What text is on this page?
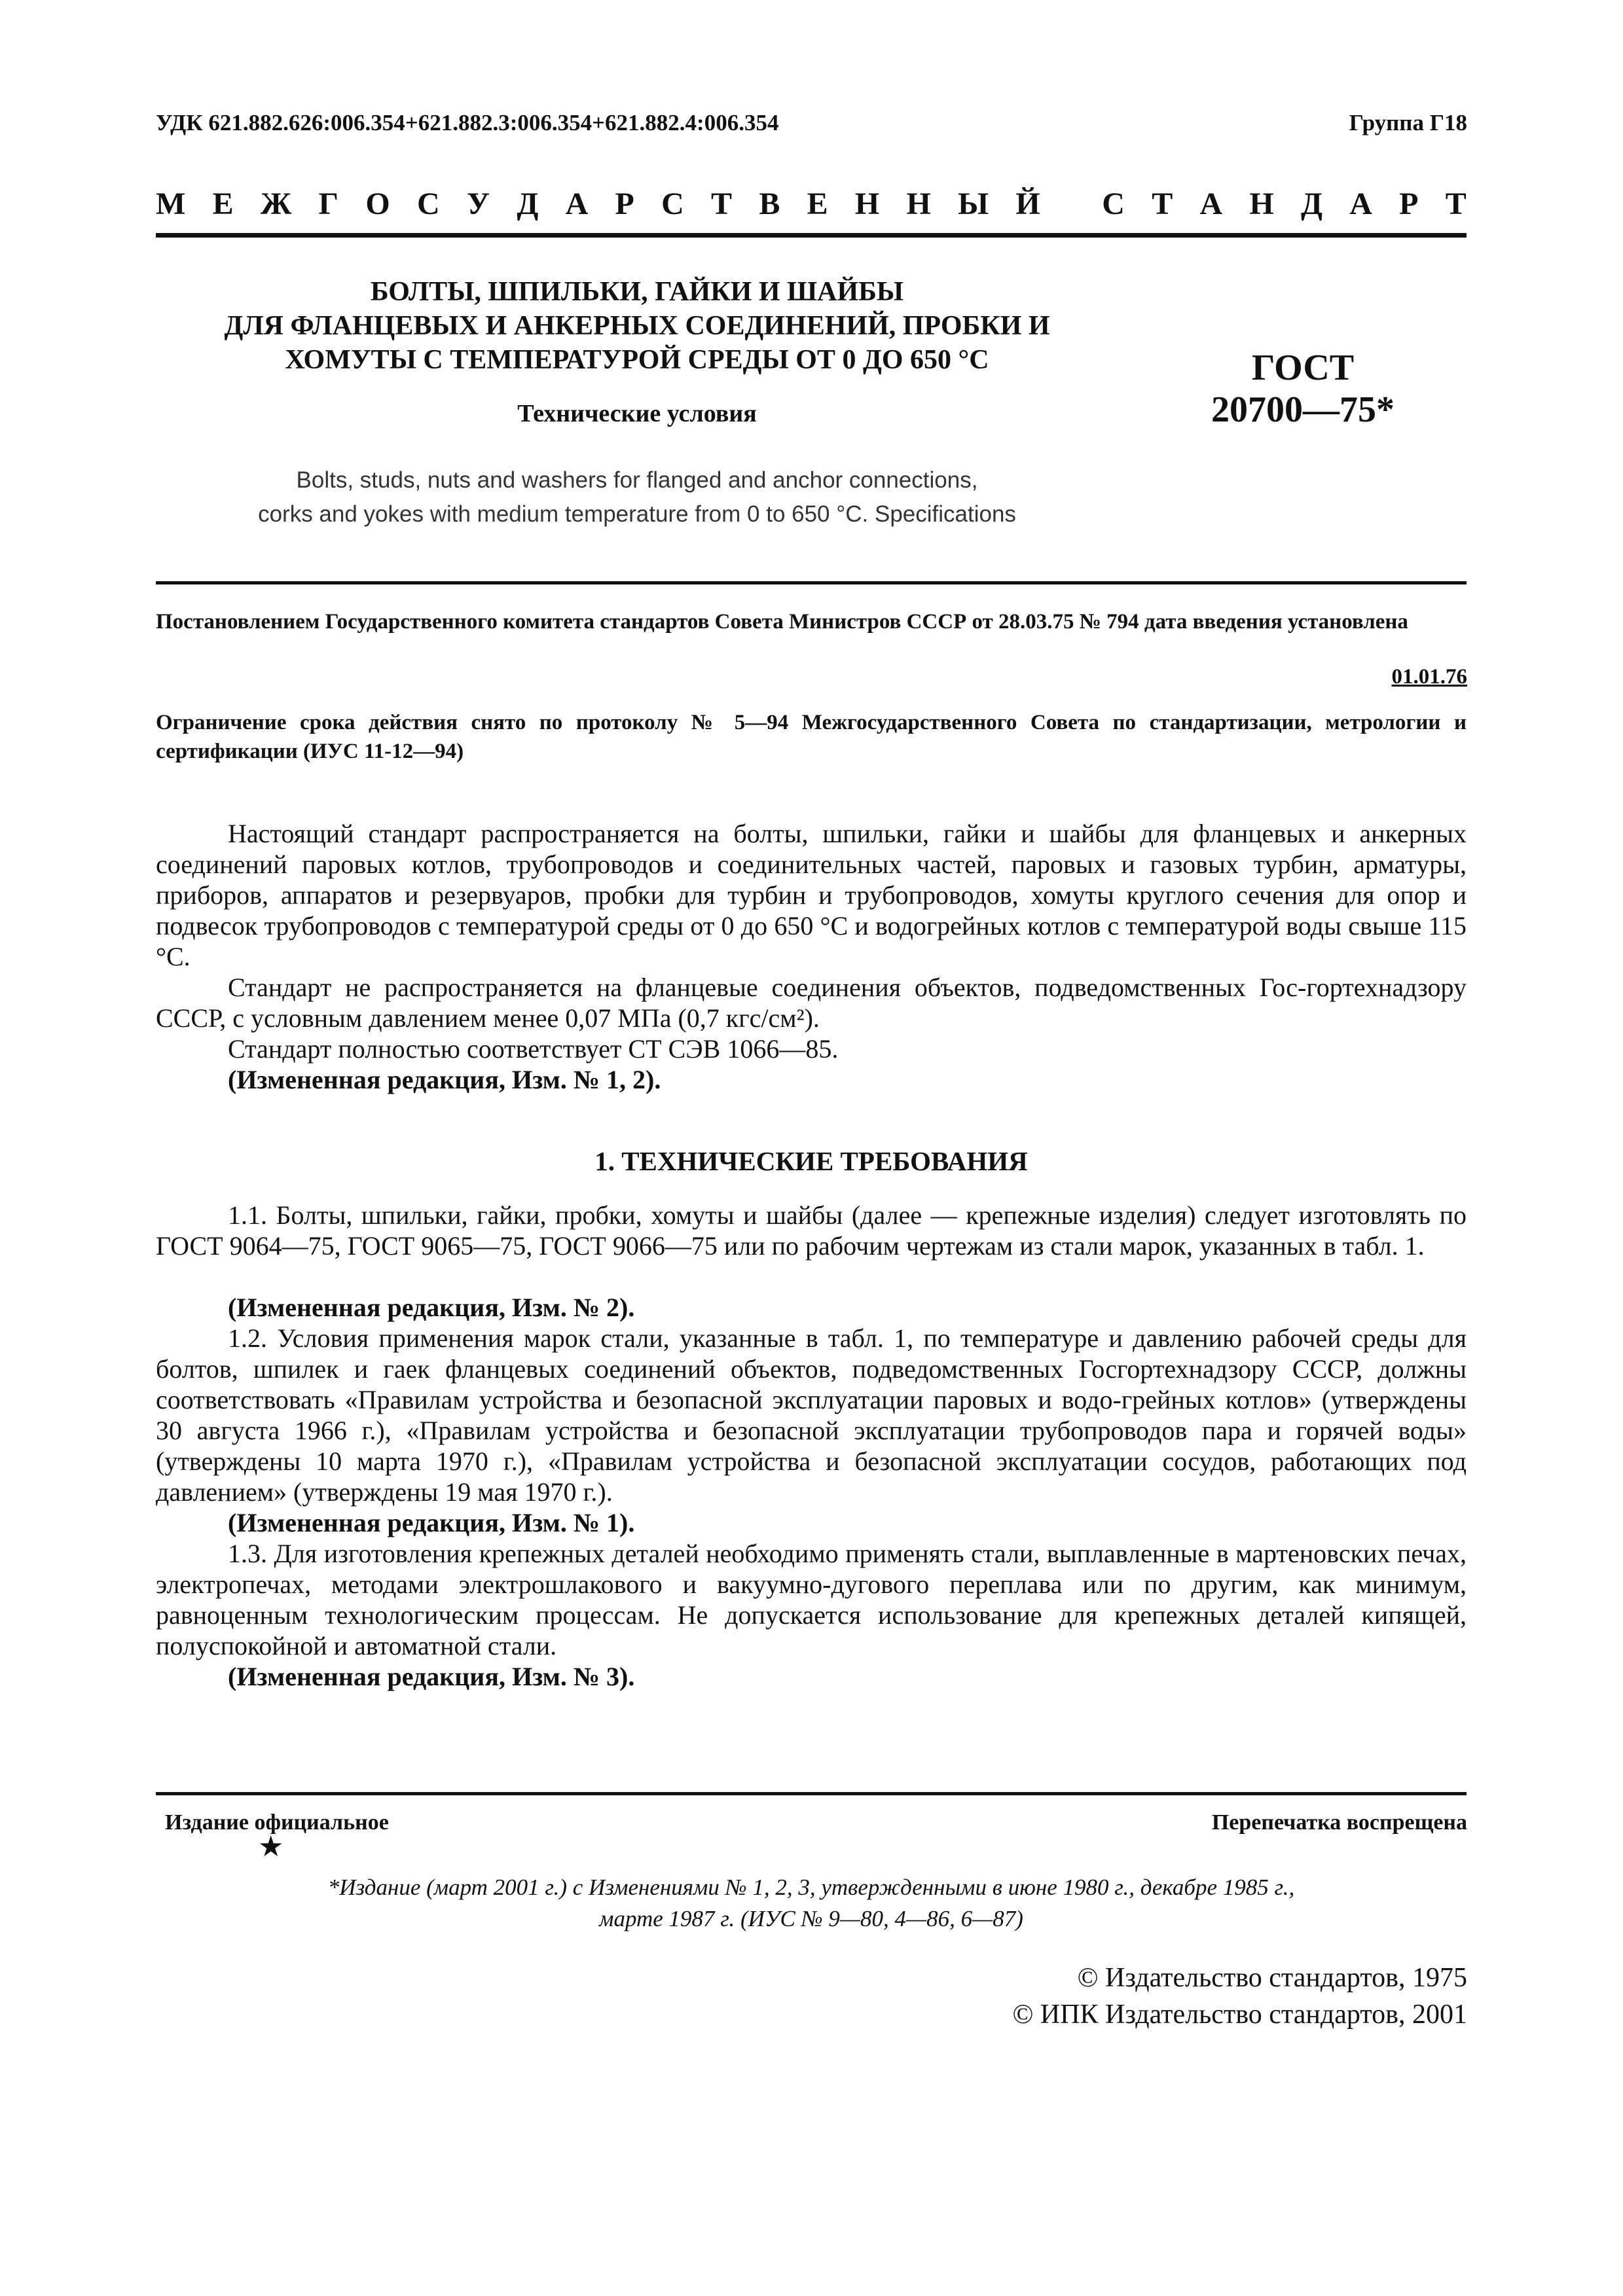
УДК 621.882.626:006.354+621.882.3:006.354+621.882.4:006.354	Группа Г18
М Е Ж Г О С У Д А Р С Т В Е Н Н Ы Й
С Т А Н Д А Р Т
БОЛТЫ, ШПИЛЬКИ, ГАЙКИ И ШАЙБЫ
ДЛЯ ФЛАНЦЕВЫХ И АНКЕРНЫХ СОЕДИНЕНИЙ, ПРОБКИ И
ХОМУТЫ С ТЕМПЕРАТУРОЙ СРЕДЫ ОТ 0 ДО 650 °С
Технические условия
Bolts, studs, nuts and washers for flanged and anchor connections,
corks and yokes with medium temperature from 0 to 650 °C. Specifications
ГОСТ
20700—75*
Постановлением Государственного комитета стандартов Совета Министров СССР от 28.03.75 № 794 дата введения установлена
01.01.76
Ограничение срока действия снято по протоколу № 5—94 Межгосударственного Совета по стандартизации, метрологии и сертификации (ИУС 11-12—94)
Настоящий стандарт распространяется на болты, шпильки, гайки и шайбы для фланцевых и анкерных соединений паровых котлов, трубопроводов и соединительных частей, паровых и газовых турбин, арматуры, приборов, аппаратов и резервуаров, пробки для турбин и трубопроводов, хомуты круглого сечения для опор и подвесок трубопроводов с температурой среды от 0 до 650 °С и водогрейных котлов с температурой воды свыше 115 °С.
Стандарт не распространяется на фланцевые соединения объектов, подведомственных Гос-гортехнадзору СССР, с условным давлением менее 0,07 МПа (0,7 кгс/см²).
Стандарт полностью соответствует СТ СЭВ 1066—85.
(Измененная редакция, Изм. № 1, 2).
1. ТЕХНИЧЕСКИЕ ТРЕБОВАНИЯ
1.1. Болты, шпильки, гайки, пробки, хомуты и шайбы (далее — крепежные изделия) следует изготовлять по ГОСТ 9064—75, ГОСТ 9065—75, ГОСТ 9066—75 или по рабочим чертежам из стали марок, указанных в табл. 1.
(Измененная редакция, Изм. № 2).
1.2. Условия применения марок стали, указанные в табл. 1, по температуре и давлению рабочей среды для болтов, шпилек и гаек фланцевых соединений объектов, подведомственных Госгортехнадзору СССР, должны соответствовать «Правилам устройства и безопасной эксплуатации паровых и водо-грейных котлов» (утверждены 30 августа 1966 г.), «Правилам устройства и безопасной эксплуатации трубопроводов пара и горячей воды» (утверждены 10 марта 1970 г.), «Правилам устройства и безопасной эксплуатации сосудов, работающих под давлением» (утверждены 19 мая 1970 г.).
(Измененная редакция, Изм. № 1).
1.3. Для изготовления крепежных деталей необходимо применять стали, выплавленные в мартеновских печах, электропечах, методами электрошлакового и вакуумно-дугового переплава или по другим, как минимум, равноценным технологическим процессам. Не допускается использование для крепежных деталей кипящей, полуспокойной и автоматной стали.
(Измененная редакция, Изм. № 3).
Издание официальное
★
Перепечатка воспрещена
*Издание (март 2001 г.) с Изменениями № 1, 2, 3, утвержденными в июне 1980 г., декабре 1985 г.,
марте 1987 г. (ИУС № 9—80, 4—86, 6—87)
© Издательство стандартов, 1975
© ИПК Издательство стандартов, 2001
